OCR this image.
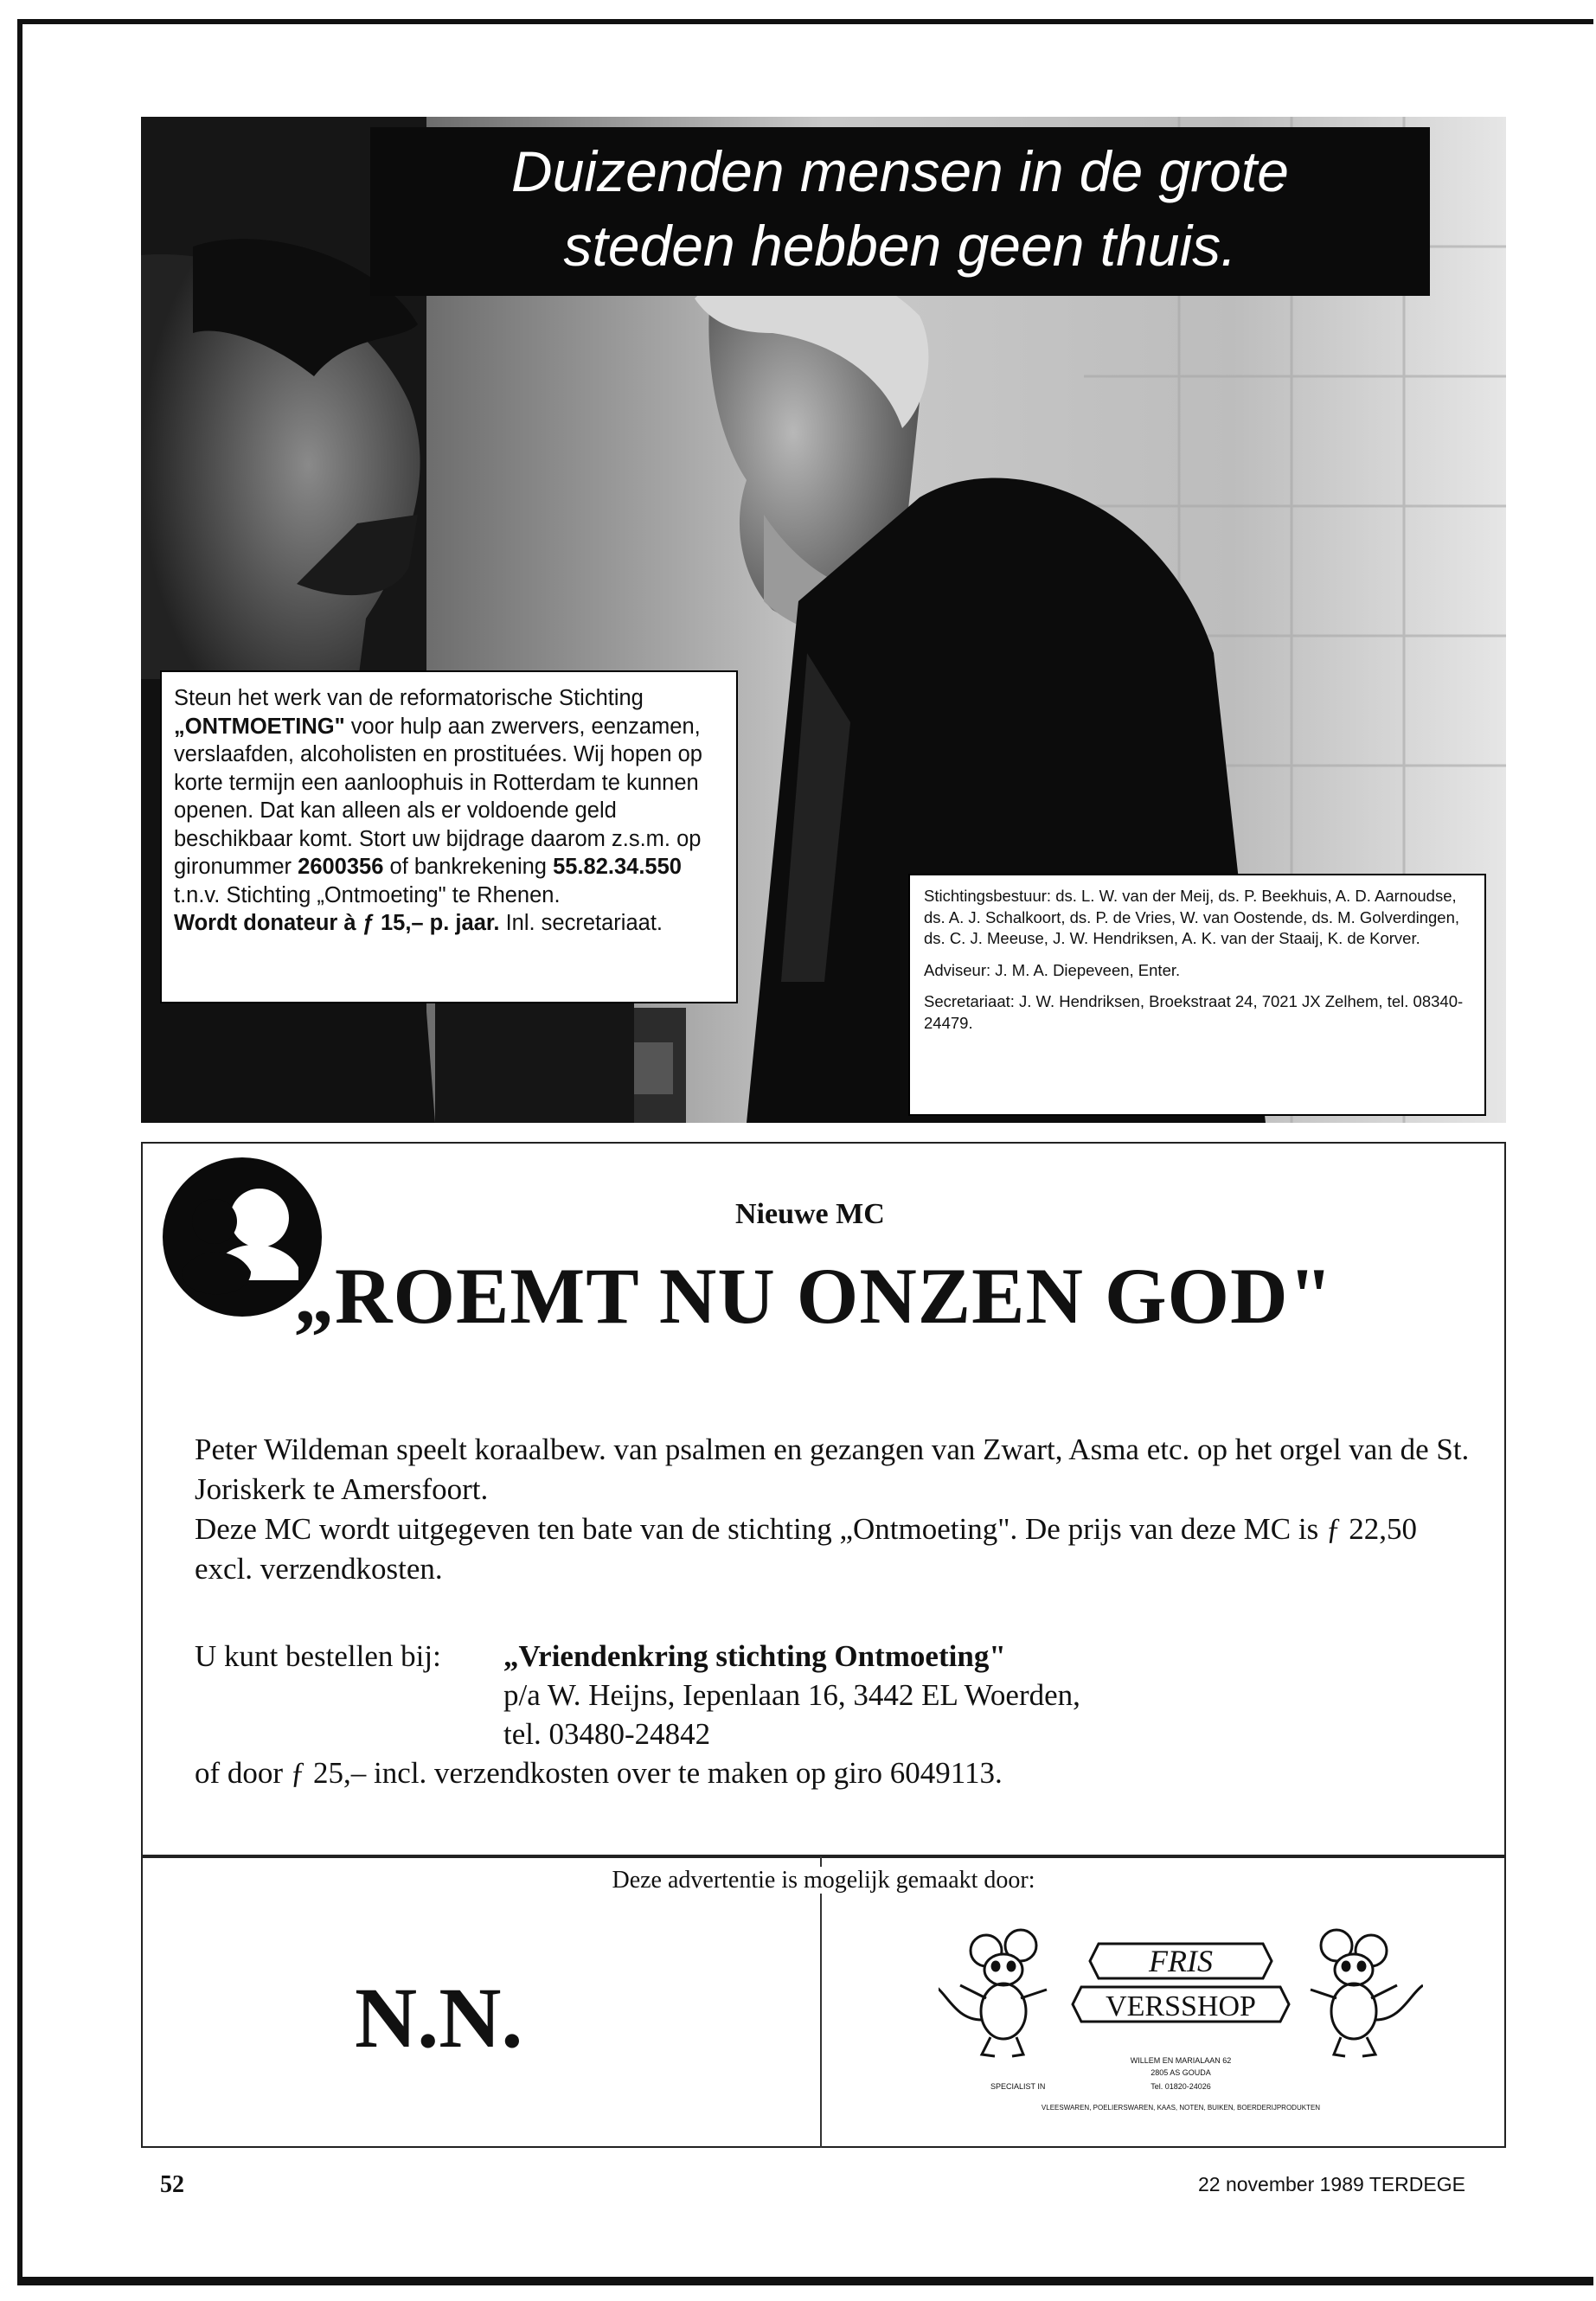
Duizenden mensen in de grote
steden hebben geen thuis.
Steun het werk van de reformatorische Stichting „ONTMOETING" voor hulp aan zwervers, eenzamen, verslaafden, alcoholisten en prostituées. Wij hopen op korte termijn een aanloophuis in Rotterdam te kunnen openen. Dat kan alleen als er voldoende geld beschikbaar komt. Stort uw bijdrage daarom z.s.m. op gironummer 2600356 of bankrekening 55.82.34.550 t.n.v. Stichting „Ontmoeting" te Rhenen.
Wordt donateur à ƒ 15,– p. jaar. Inl. secretariaat.

Stichtingsbestuur: ds. L. W. van der Meij, ds. P. Beekhuis, A. D. Aarnoudse, ds. A. J. Schalkoort, ds. P. de Vries, W. van Oostende, ds. M. Golverdingen, ds. C. J. Meeuse, J. W. Hendriksen, A. K. van der Staaij, K. de Korver.

Adviseur: J. M. A. Diepeveen, Enter.

Secretariaat: J. W. Hendriksen, Broekstraat 24, 7021 JX Zelhem, tel. 08340-24479.

Nieuwe MC
„ROEMT NU ONZEN GOD"

Peter Wildeman speelt koraalbew. van psalmen en gezangen van Zwart, Asma etc. op het orgel van de St. Joriskerk te Amersfoort.

Deze MC wordt uitgegeven ten bate van de stichting „Ontmoeting". De prijs van deze MC is ƒ 22,50 excl. verzendkosten.

U kunt bestellen bij: „Vriendenkring stichting Ontmoeting"
p/a W. Heijns, Iepenlaan 16, 3442 EL Woerden,
tel. 03480-24842
of door ƒ 25,– incl. verzendkosten over te maken op giro 6049113.
Deze advertentie is mogelijk gemaakt door:
N.N.
FRIS
VERSSHOP
WILLEM EN MARIALAAN 62
2805 AS GOUDA
SPECIALIST IN	Tel. 01820-24026
VLEESWAREN, POELIERSWAREN, KAAS, NOTEN, BUIKEN, BOERDERIJPRODUKTEN
52	22 november 1989 TERDEGE
